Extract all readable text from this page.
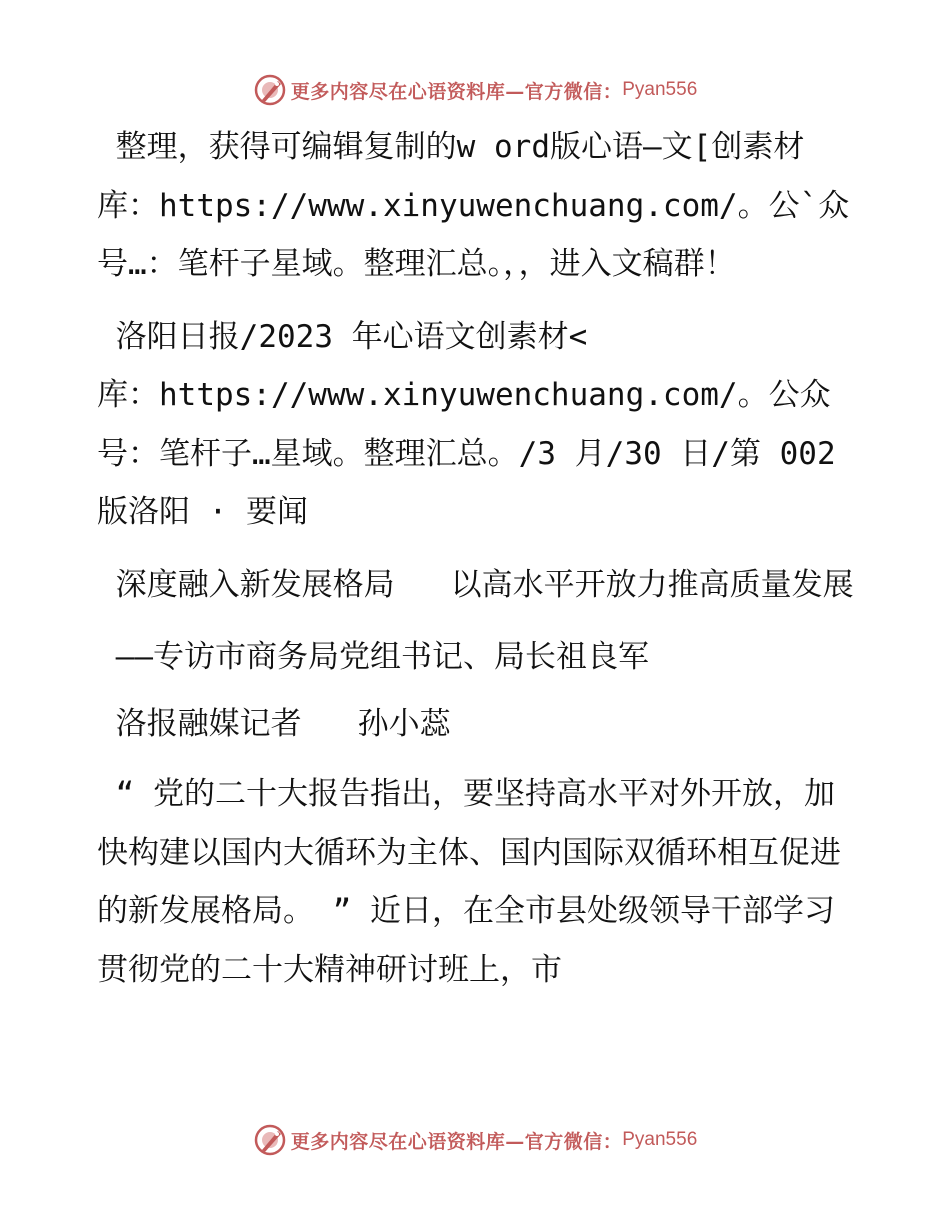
更多内容尽在心语资料库—官方微信： Pyan556

整理，获得可编辑复制的w ord版心语—文[创素材库：https://www.xinyuwenchuang.com/。公`众号…：笔杆子星域。整理汇总。，，进入文稿群！

洛阳日报/2023 年心语文创素材<
库：https://www.xinyuwenchuang.com/。公众号：笔杆子…星域。整理汇总。/3 月/30 日/第 002 版洛阳 · 要闻

深度融入新发展格局   以高水平开放力推高质量发展

——专访市商务局党组书记、局长祖良军

洛报融媒记者   孙小蕊

“ 党的二十大报告指出，要坚持高水平对外开放，加快构建以国内大循环为主体、国内国际双循环相互促进的新发展格局。 ” 近日，在全市县处级领导干部学习贯彻党的二十大精神研讨班上，市

更多内容尽在心语资料库—官方微信： Pyan556
